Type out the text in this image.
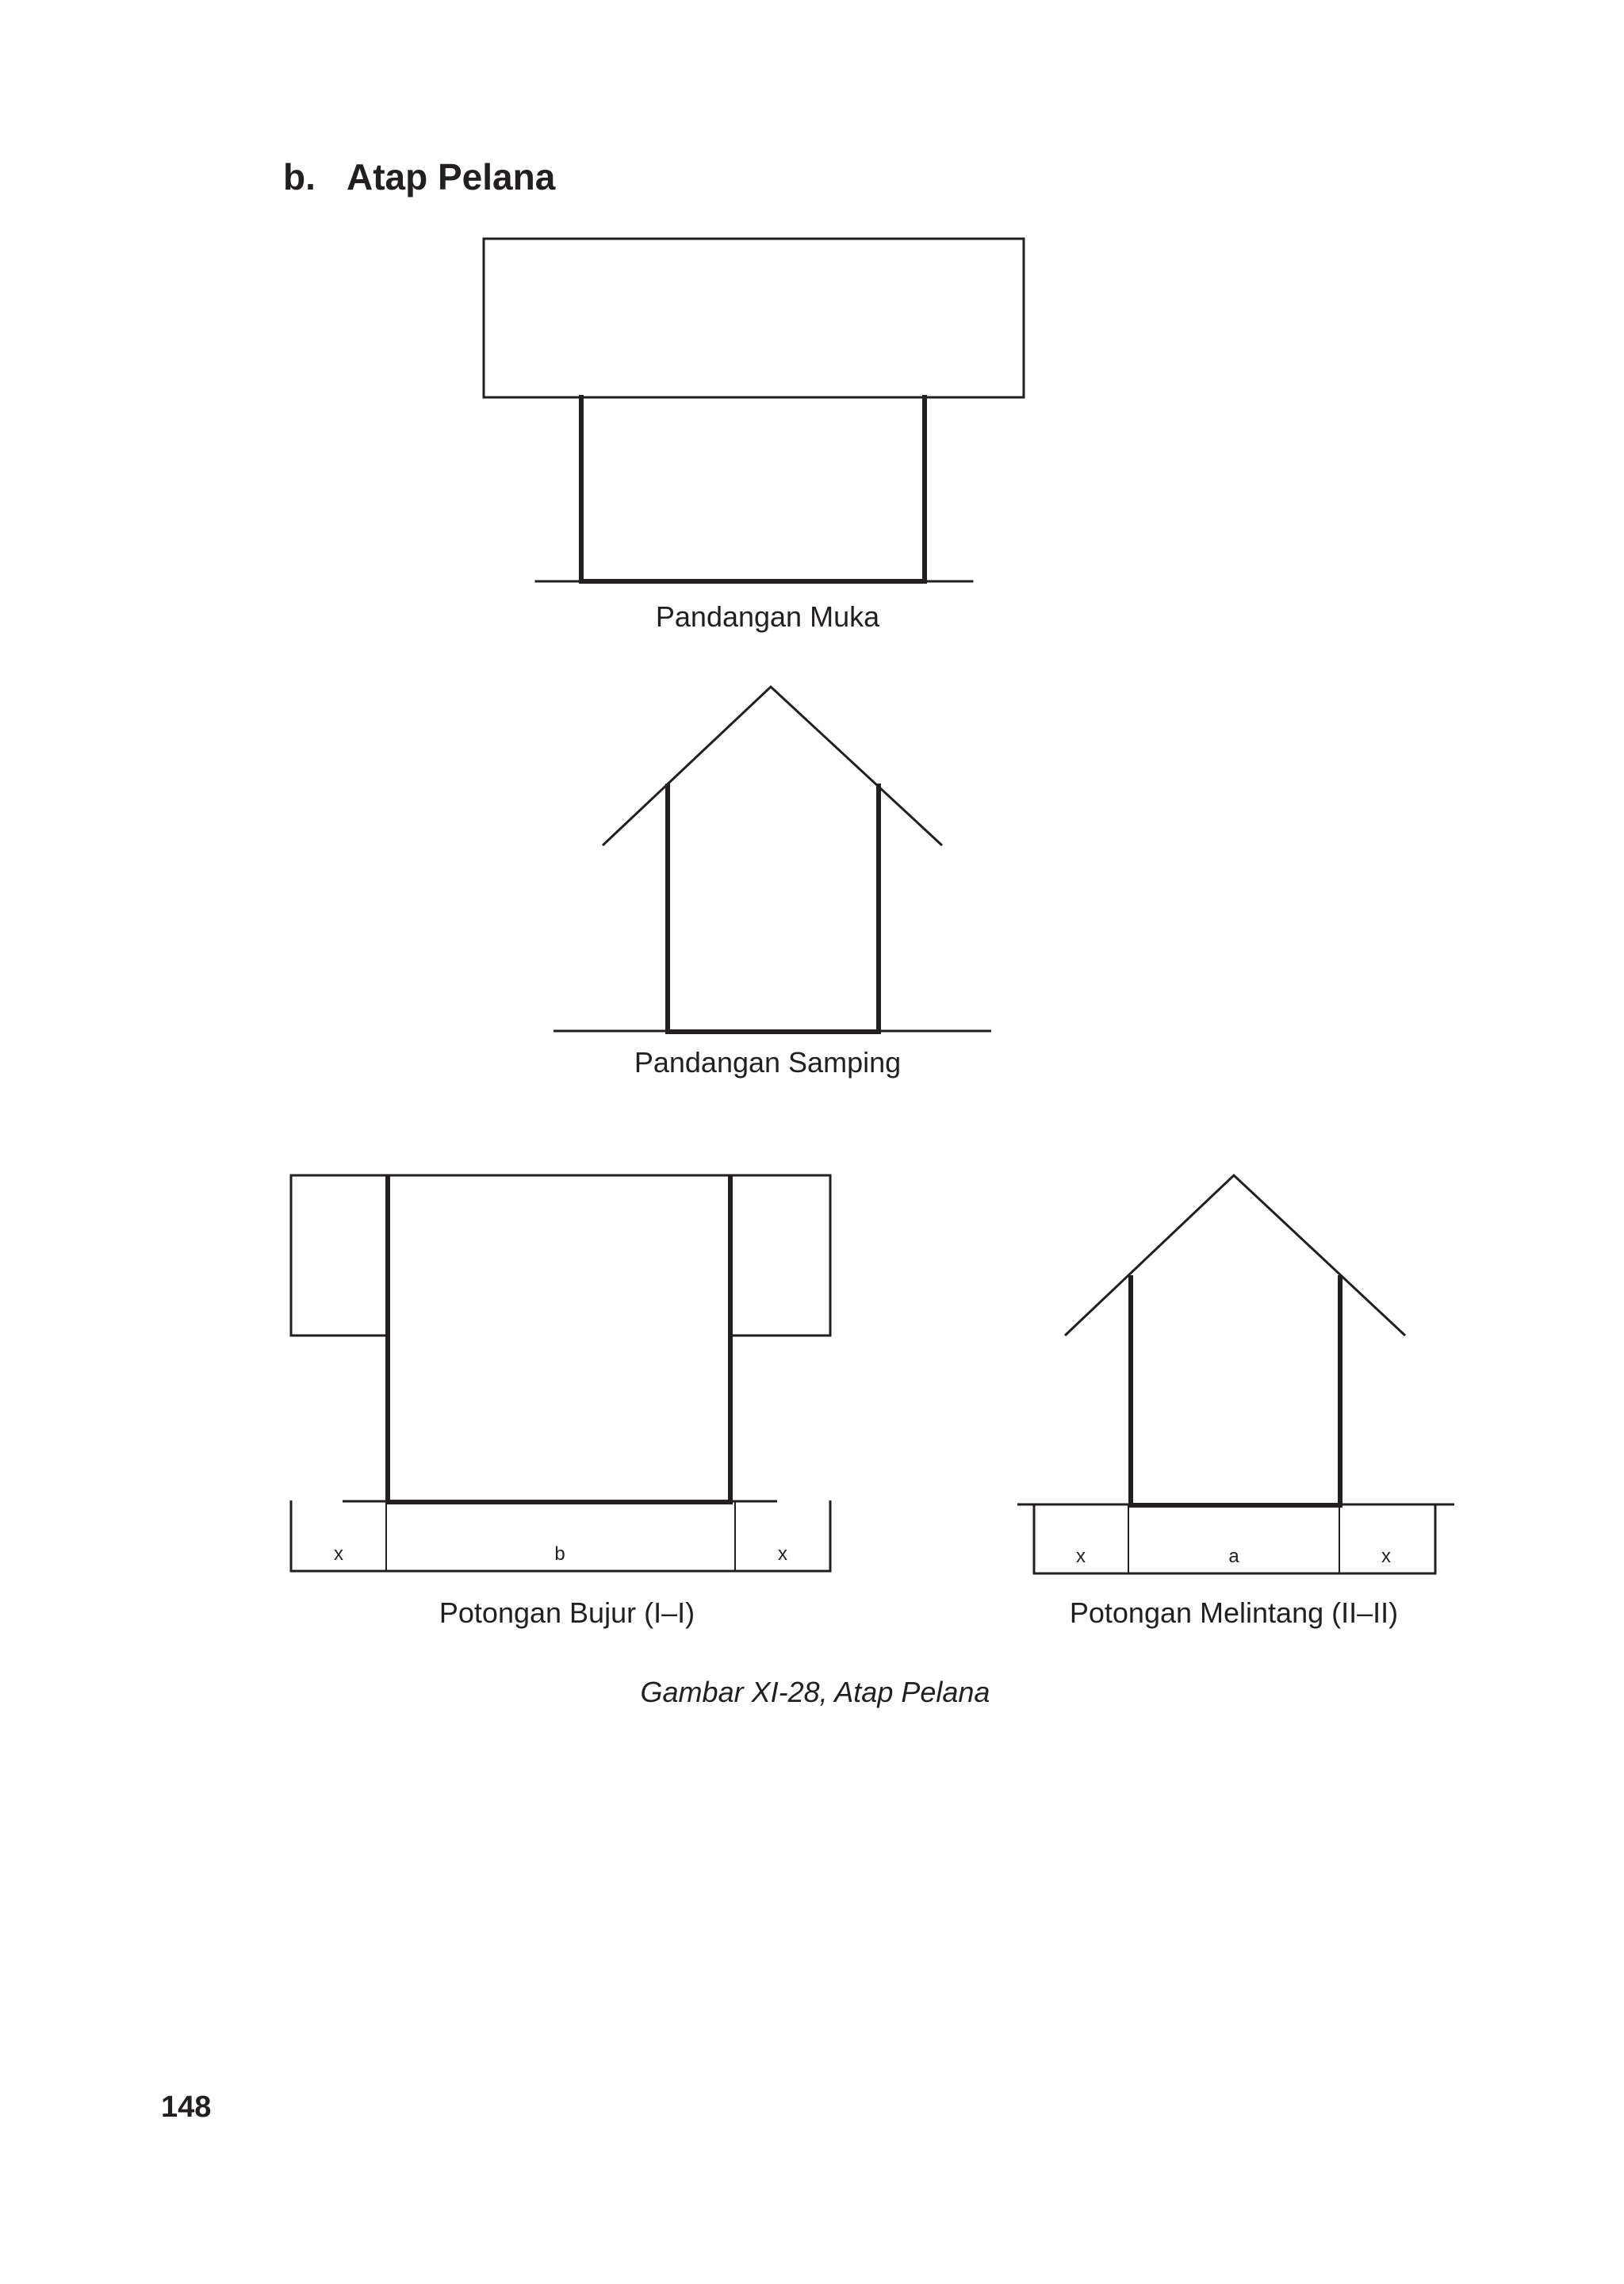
b. Atap Pelana
Pandangan Muka
Pandangan Samping
x	b	x
Potongan Bujur (I–I)
x	a	x
Potongan Melintang (II–II)
Gambar XI-28, Atap Pelana

148
